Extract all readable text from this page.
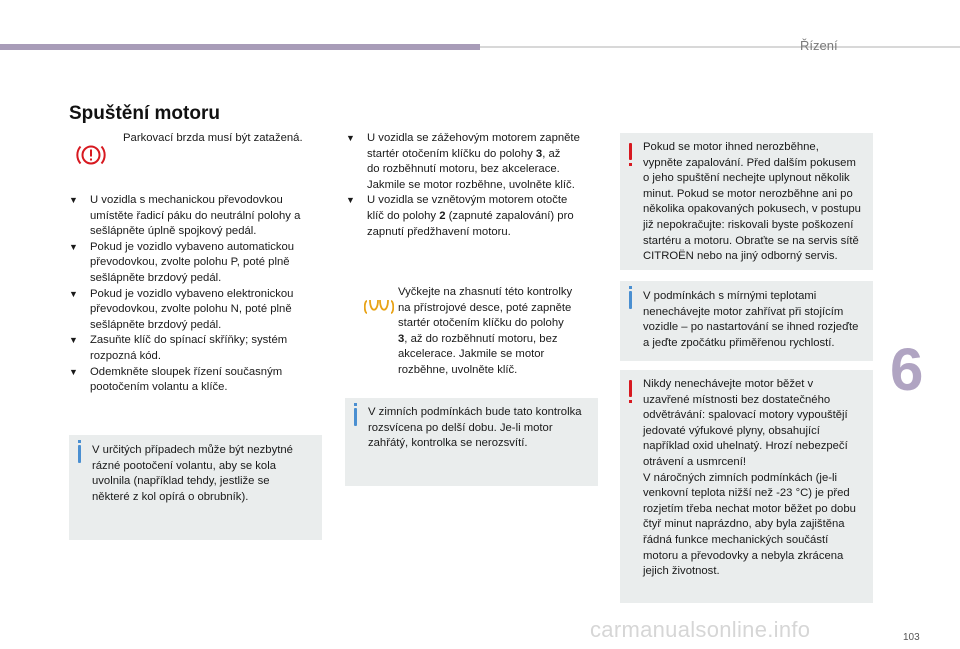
Řízení
Spuštění motoru
Parkovací brzda musí být zatažená.
▼ U vozidla s mechanickou převodovkou
umístěte řadicí páku do neutrální polohy a
sešlápněte úplně spojkový pedál.
▼ Pokud je vozidlo vybaveno automatickou
převodovkou, zvolte polohu P, poté plně
sešlápněte brzdový pedál.
▼ Pokud je vozidlo vybaveno elektronickou
převodovkou, zvolte polohu N, poté plně
sešlápněte brzdový pedál.
▼ Zasuňte klíč do spínací skříňky; systém
rozpozná kód.
▼ Odemkněte sloupek řízení současným
pootočením volantu a klíče.
V určitých případech může být nezbytné
rázné pootočení volantu, aby se kola
uvolnila (například tehdy, jestliže se
některé z kol opírá o obrubník).
▼ U vozidla se zážehovým motorem zapněte
startér otočením klíčku do polohy 3, až
do rozběhnutí motoru, bez akcelerace.
Jakmile se motor rozběhne, uvolněte klíč.
▼ U vozidla se vznětovým motorem otočte
klíč do polohy 2 (zapnuté zapalování) pro
zapnutí předžhavení motoru.
Vyčkejte na zhasnutí této kontrolky
na přístrojové desce, poté zapněte
startér otočením klíčku do polohy
3, až do rozběhnutí motoru, bez
akcelerace. Jakmile se motor
rozběhne, uvolněte klíč.
V zimních podmínkách bude tato kontrolka
rozsvícena po delší dobu. Je-li motor
zahřátý, kontrolka se nerozsvítí.
Pokud se motor ihned nerozběhne,
vypněte zapalování. Před dalším pokusem
o jeho spuštění nechejte uplynout několik
minut. Pokud se motor nerozběhne ani po
několika opakovaných pokusech, v postupu
již nepokračujte: riskovali byste poškození
startéru a motoru. Obraťte se na servis sítě
CITROËN nebo na jiný odborný servis.
V podmínkách s mírnými teplotami
nenechávejte motor zahřívat při stojícím
vozidle – po nastartování se ihned rozjeďte
a jeďte zpočátku přiměřenou rychlostí.
Nikdy nenechávejte motor běžet v
uzavřené místnosti bez dostatečného
odvětrávání: spalovací motory vypouštějí
jedovaté výfukové plyny, obsahující
například oxid uhelnatý. Hrozí nebezpečí
otrávení a usmrcení!
V náročných zimních podmínkách (je-li
venkovní teplota nižší než -23 °C) je před
rozjetím třeba nechat motor běžet po dobu
čtyř minut naprázdno, aby byla zajištěna
řádná funkce mechanických součástí
motoru a převodovky a nebyla zkrácena
jejich životnost.
6
carmanualsonline.info	103
